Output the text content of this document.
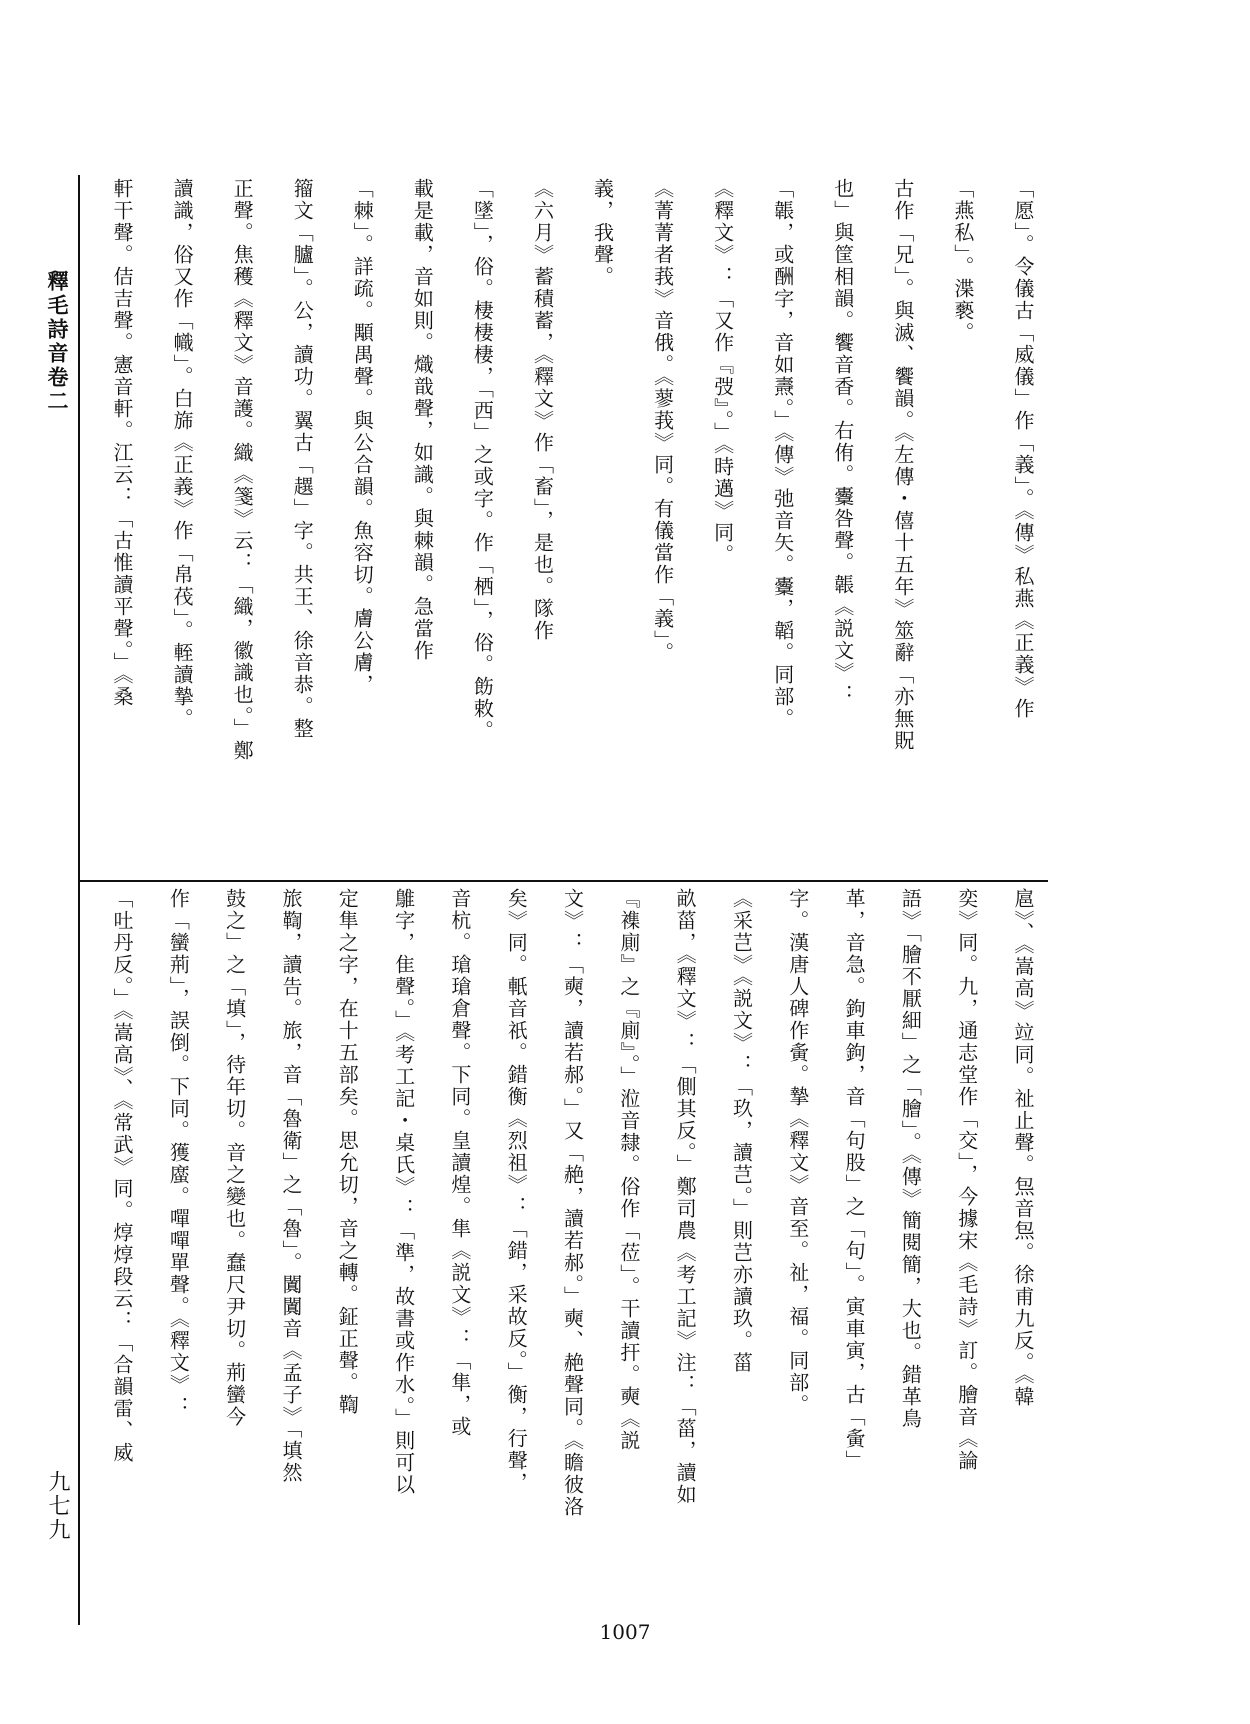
釋毛詩音卷二
九七九
「愿」。令儀古「威儀」作「義」。《傳》私燕《正義》作
「燕私」。渫褻。
古作「兄」。與滅、饗韻。《左傳・僖十五年》筮辭「亦無貺
也」與筐相韻。饗音香。右侑。櫜咎聲。韔《説文》：
「韔，或酬字，音如燾。」《傳》弛音矢。櫜，韜。同部。
《釋文》：「又作『弢』。」《時邁》同。
《菁菁者莪》音俄。《蓼莪》同。有儀當作「義」。
義，我聲。
《六月》蓄積蓄，《釋文》作「畜」，是也。隊作
「墜」，俗。棲棲棲，「西」之或字。作「栖」，俗。飭敕。
載是載，音如則。熾戠聲，如識。與棘韻。急當作
「棘」。詳疏。顒禺聲。與公合韻。魚容切。膚公膚，
籀文「臚」。公，讀功。翼古「趩」字。共王、徐音恭。整
正聲。焦穫《釋文》音護。織《箋》云：「織，徽識也。」鄭
讀識，俗又作「幟」。白旆《正義》作「帛茷」。輊讀摯。
軒干聲。佶吉聲。憲音軒。江云：「古惟讀平聲。」《桑
扈》、《嵩高》竝同。祉止聲。炰音炰。徐甫九反。《韓
奕》同。九，通志堂作「交」，今據宋《毛詩》訂。膾音《論
語》「膾不厭細」之「膾」。《傳》簡閱簡，大也。錯革鳥
革，音急。鉤車鉤，音「句股」之「句」。寅車寅，古「夤」
字。漢唐人碑作夤。摯《釋文》音至。祉，福。同部。
《采芑》《説文》：「玖，讀芑。」則芑亦讀玖。菑
畝菑，《釋文》：「側其反。」鄭司農《考工記》注：「菑，讀如
『襍廁』之『廁』。」涖音隸。俗作「莅」。干讀扞。奭《説
文》：「奭，讀若郝。」又「赩，讀若郝。」奭、赩聲同。《瞻彼洛
矣》同。軝音祇。錯衡《烈祖》：「錯，采故反。」衡，行聲，
音杭。瑲瑲倉聲。下同。皇讀煌。隼《説文》：「隼，或
鵻字，隹聲。」《考工記・桌氏》：「準，故書或作水。」則可以
定隼之字，在十五部矣。思允切，音之轉。鉦正聲。鞫
旅鞫，讀告。旅，音「魯衛」之「魯」。闐闐音《孟子》「填然
鼓之」之「填」，待年切。音之變也。蠢尺尹切。荊蠻今
作「蠻荊」，誤倒。下同。獲䗪。嘽嘽單聲。《釋文》：
「吐丹反。」《嵩高》、《常武》同。焞焞段云：「合韻雷、威
1007
